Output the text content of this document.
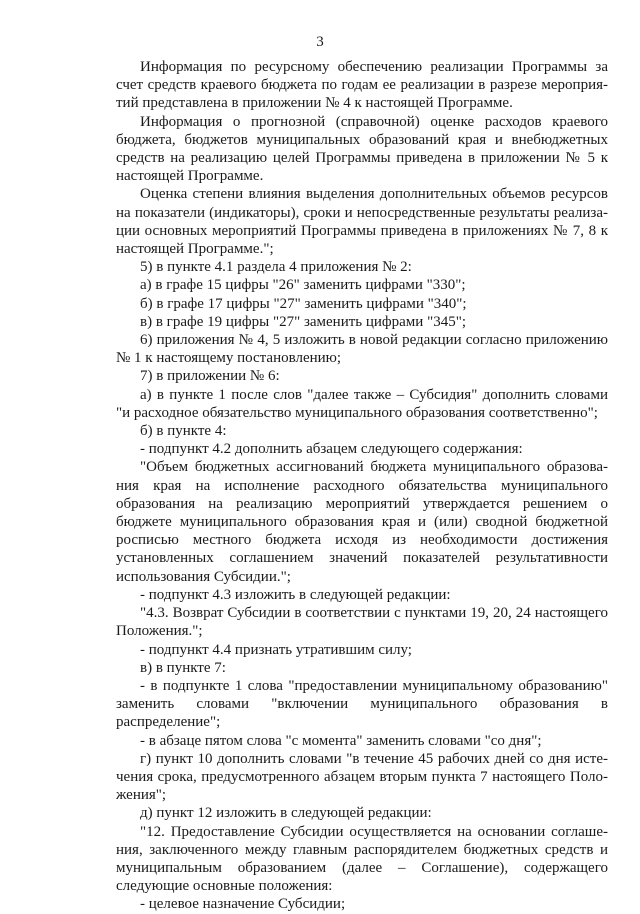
3

Информация по ресурсному обеспечению реализации Программы за счет средств краевого бюджета по годам ее реализации в разрезе мероприятий представлена в приложении № 4 к настоящей Программе.

Информация о прогнозной (справочной) оценке расходов краевого бюджета, бюджетов муниципальных образований края и внебюджетных средств на реализацию целей Программы приведена в приложении № 5 к настоящей Программе.

Оценка степени влияния выделения дополнительных объемов ресурсов на показатели (индикаторы), сроки и непосредственные результаты реализации основных мероприятий Программы приведена в приложениях № 7, 8 к настоящей Программе.";

5) в пункте 4.1 раздела 4 приложения № 2:

а) в графе 15 цифры "26" заменить цифрами "330";

б) в графе 17 цифры "27" заменить цифрами "340";

в) в графе 19 цифры "27" заменить цифрами "345";

6) приложения № 4, 5 изложить в новой редакции согласно приложению № 1 к настоящему постановлению;

7) в приложении № 6:

а) в пункте 1 после слов "далее также – Субсидия" дополнить словами "и расходное обязательство муниципального образования соответственно";

б) в пункте 4:

- подпункт 4.2 дополнить абзацем следующего содержания:

"Объем бюджетных ассигнований бюджета муниципального образования края на исполнение расходного обязательства муниципального образования на реализацию мероприятий утверждается решением о бюджете муниципального образования края и (или) сводной бюджетной росписью местного бюджета исходя из необходимости достижения установленных соглашением значений показателей результативности использования Субсидии.";

- подпункт 4.3 изложить в следующей редакции:

"4.3. Возврат Субсидии в соответствии с пунктами 19, 20, 24 настоящего Положения.";

- подпункт 4.4 признать утратившим силу;

в) в пункте 7:

- в подпункте 1 слова "предоставлении муниципальному образованию" заменить словами "включении муниципального образования в распределение";

- в абзаце пятом слова "с момента" заменить словами "со дня";

г) пункт 10 дополнить словами "в течение 45 рабочих дней со дня истечения срока, предусмотренного абзацем вторым пункта 7 настоящего Положения";

д) пункт 12 изложить в следующей редакции:

"12. Предоставление Субсидии осуществляется на основании соглашения, заключенного между главным распорядителем бюджетных средств и муниципальным образованием (далее – Соглашение), содержащего следующие основные положения:

- целевое назначение Субсидии;
